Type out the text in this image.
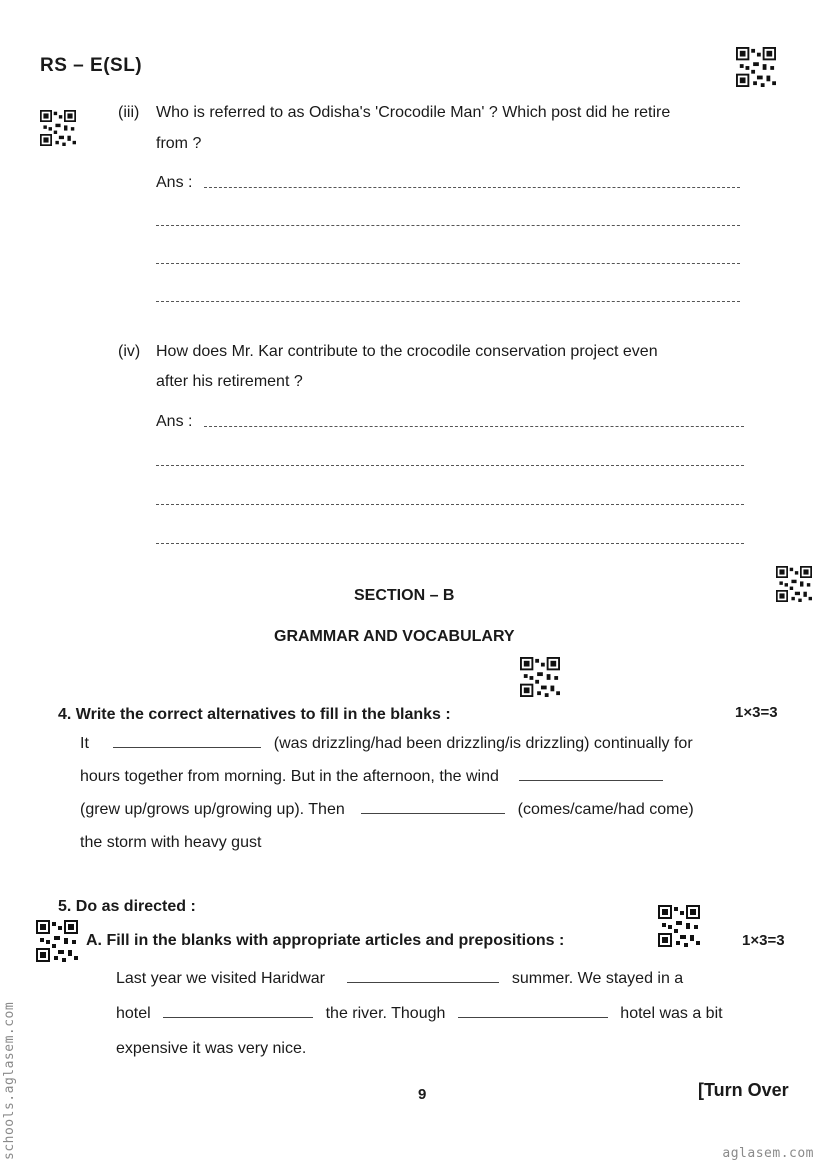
RS – E(SL)
(iii) Who is referred to as Odisha's 'Crocodile Man' ? Which post did he retire
from ?
Ans :
(iv) How does Mr. Kar contribute to the crocodile conservation project even
after his retirement ?
Ans :
SECTION – B
GRAMMAR AND VOCABULARY
4. Write the correct alternatives to fill in the blanks :	1×3=3
It	(was drizzling/had been drizzling/is drizzling) continually for
hours together from morning. But in the afternoon, the wind
(grew up/grows up/growing up). Then	(comes/came/had come)
the storm with heavy gust
5. Do as directed :
A. Fill in the blanks with appropriate articles and prepositions :	1×3=3
Last year we visited Haridwar	summer. We stayed in a
hotel	the river. Though	hotel was a bit
expensive it was very nice.
9	[Turn Over
schools.aglasem.com	aglasem.com
